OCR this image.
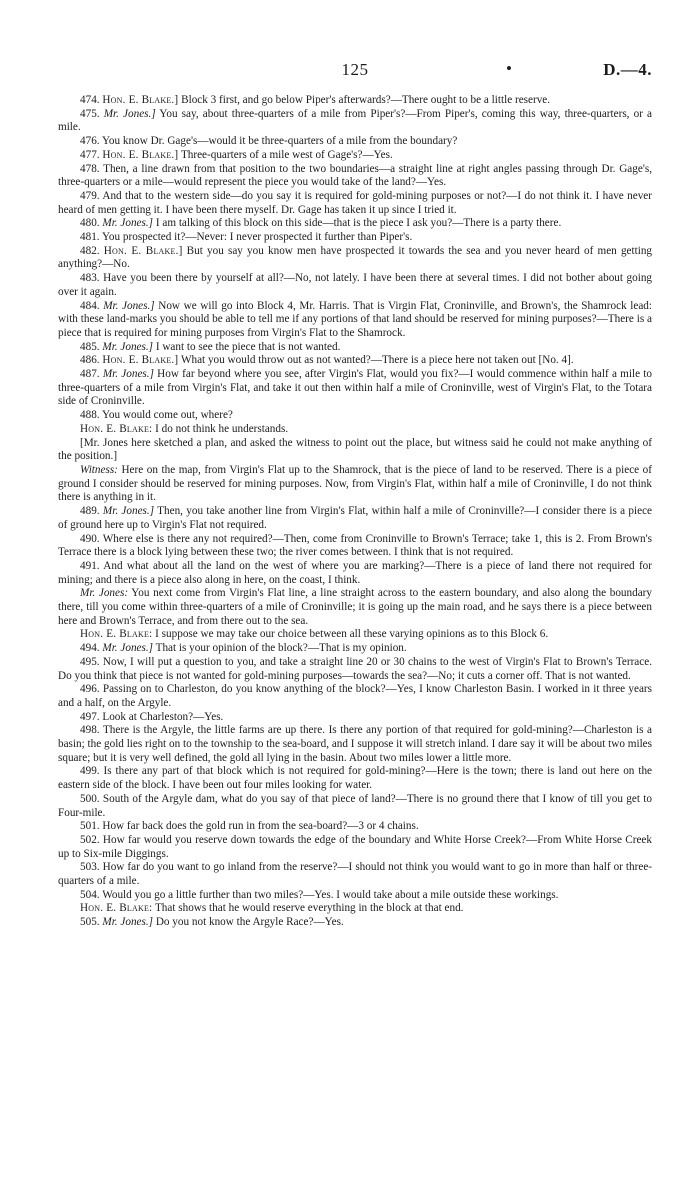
125	•	D.—4.

474. Hon. E. Blake.] Block 3 first, and go below Piper's afterwards?—There ought to be a little reserve.

475. Mr. Jones.] You say, about three-quarters of a mile from Piper's?—From Piper's, coming this way, three-quarters, or a mile.

476. You know Dr. Gage's—would it be three-quarters of a mile from the boundary?

477. Hon. E. Blake.] Three-quarters of a mile west of Gage's?—Yes.

478. Then, a line drawn from that position to the two boundaries—a straight line at right angles passing through Dr. Gage's, three-quarters or a mile—would represent the piece you would take of the land?—Yes.

479. And that to the western side—do you say it is required for gold-mining purposes or not?—I do not think it. I have never heard of men getting it. I have been there myself. Dr. Gage has taken it up since I tried it.

480. Mr. Jones.] I am talking of this block on this side—that is the piece I ask you?—There is a party there.

481. You prospected it?—Never: I never prospected it further than Piper's.

482. Hon. E. Blake.] But you say you know men have prospected it towards the sea and you never heard of men getting anything?—No.

483. Have you been there by yourself at all?—No, not lately. I have been there at several times. I did not bother about going over it again.

484. Mr. Jones.] Now we will go into Block 4, Mr. Harris. That is Virgin Flat, Croninville, and Brown's, the Shamrock lead: with these land-marks you should be able to tell me if any portions of that land should be reserved for mining purposes?—There is a piece that is required for mining purposes from Virgin's Flat to the Shamrock.

485. Mr. Jones.] I want to see the piece that is not wanted.

486. Hon. E. Blake.] What you would throw out as not wanted?—There is a piece here not taken out [No. 4].

487. Mr. Jones.] How far beyond where you see, after Virgin's Flat, would you fix?—I would commence within half a mile to three-quarters of a mile from Virgin's Flat, and take it out then within half a mile of Croninville, west of Virgin's Flat, to the Totara side of Croninville.

488. You would come out, where?

Hon. E. Blake: I do not think he understands.

[Mr. Jones here sketched a plan, and asked the witness to point out the place, but witness said he could not make anything of the position.]

Witness: Here on the map, from Virgin's Flat up to the Shamrock, that is the piece of land to be reserved. There is a piece of ground I consider should be reserved for mining purposes. Now, from Virgin's Flat, within half a mile of Croninville, I do not think there is anything in it.

489. Mr. Jones.] Then, you take another line from Virgin's Flat, within half a mile of Croninville?—I consider there is a piece of ground here up to Virgin's Flat not required.

490. Where else is there any not required?—Then, come from Croninville to Brown's Terrace; take 1, this is 2. From Brown's Terrace there is a block lying between these two; the river comes between. I think that is not required.

491. And what about all the land on the west of where you are marking?—There is a piece of land there not required for mining; and there is a piece also along in here, on the coast, I think.

Mr. Jones: You next come from Virgin's Flat line, a line straight across to the eastern boundary, and also along the boundary there, till you come within three-quarters of a mile of Croninville; it is going up the main road, and he says there is a piece between here and Brown's Terrace, and from there out to the sea.

Hon. E. Blake: I suppose we may take our choice between all these varying opinions as to this Block 6.

494. Mr. Jones.] That is your opinion of the block?—That is my opinion.

495. Now, I will put a question to you, and take a straight line 20 or 30 chains to the west of Virgin's Flat to Brown's Terrace. Do you think that piece is not wanted for gold-mining purposes—towards the sea?—No; it cuts a corner off. That is not wanted.

496. Passing on to Charleston, do you know anything of the block?—Yes, I know Charleston Basin. I worked in it three years and a half, on the Argyle.

497. Look at Charleston?—Yes.

498. There is the Argyle, the little farms are up there. Is there any portion of that required for gold-mining?—Charleston is a basin; the gold lies right on to the township to the sea-board, and I suppose it will stretch inland. I dare say it will be about two miles square; but it is very well defined, the gold all lying in the basin. About two miles lower a little more.

499. Is there any part of that block which is not required for gold-mining?—Here is the town; there is land out here on the eastern side of the block. I have been out four miles looking for water.

500. South of the Argyle dam, what do you say of that piece of land?—There is no ground there that I know of till you get to Four-mile.

501. How far back does the gold run in from the sea-board?—3 or 4 chains.

502. How far would you reserve down towards the edge of the boundary and White Horse Creek?—From White Horse Creek up to Six-mile Diggings.

503. How far do you want to go inland from the reserve?—I should not think you would want to go in more than half or three-quarters of a mile.

504. Would you go a little further than two miles?—Yes. I would take about a mile outside these workings.

Hon. E. Blake: That shows that he would reserve everything in the block at that end.

505. Mr. Jones.] Do you not know the Argyle Race?—Yes.
